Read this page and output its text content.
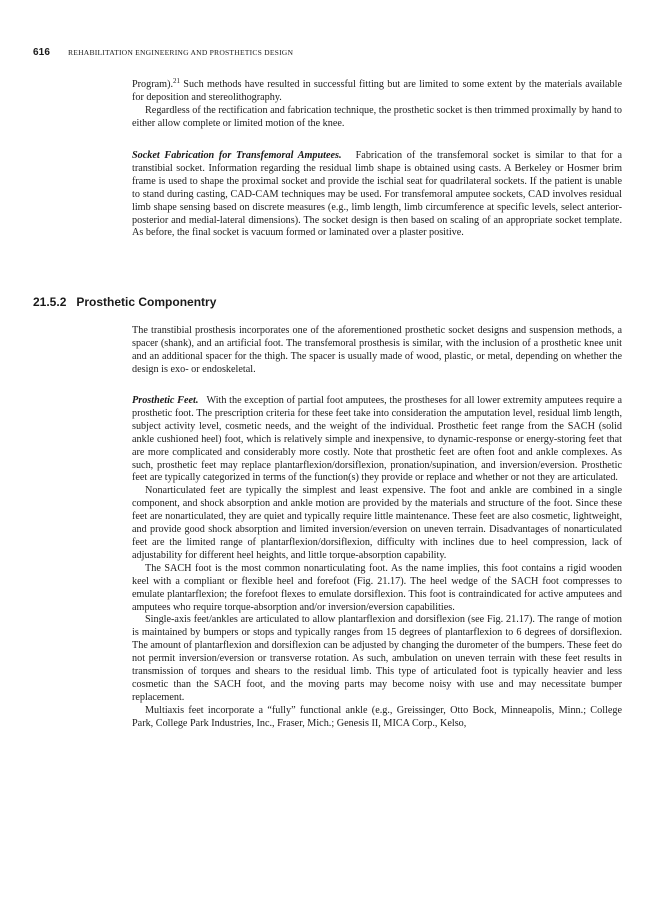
616 REHABILITATION ENGINEERING AND PROSTHETICS DESIGN

Program).$^{21}$ Such methods have resulted in successful fitting but are limited to some extent by the materials available for deposition and stereolithography.

Regardless of the rectification and fabrication technique, the prosthetic socket is then trimmed proximally by hand to either allow complete or limited motion of the knee.

Socket Fabrication for Transfemoral Amputees. Fabrication of the transfemoral socket is similar to that for a transtibial socket. Information regarding the residual limb shape is obtained using casts. A Berkeley or Hosmer brim frame is used to shape the proximal socket and provide the ischial seat for quadrilateral sockets. If the patient is unable to stand during casting, CAD-CAM techniques may be used. For transfemoral amputee sockets, CAD involves residual limb shape sensing based on discrete measures (e.g., limb length, limb circumference at specific levels, select anterior-posterior and medial-lateral dimensions). The socket design is then based on scaling of an appropriate socket template. As before, the final socket is vacuum formed or laminated over a plaster positive.

21.5.2 Prosthetic Componentry

The transtibial prosthesis incorporates one of the aforementioned prosthetic socket designs and suspension methods, a spacer (shank), and an artificial foot. The transfemoral prosthesis is similar, with the inclusion of a prosthetic knee unit and an additional spacer for the thigh. The spacer is usually made of wood, plastic, or metal, depending on whether the design is exo- or endoskeletal.

Prosthetic Feet. With the exception of partial foot amputees, the prostheses for all lower extremity amputees require a prosthetic foot. The prescription criteria for these feet take into consideration the amputation level, residual limb length, subject activity level, cosmetic needs, and the weight of the individual. Prosthetic feet range from the SACH (solid ankle cushioned heel) foot, which is relatively simple and inexpensive, to dynamic-response or energy-storing feet that are more complicated and considerably more costly. Note that prosthetic feet are often foot and ankle complexes. As such, prosthetic feet may replace plantarflexion/dorsiflexion, pronation/supination, and inversion/eversion. Prosthetic feet are typically categorized in terms of the function(s) they provide or replace and whether or not they are articulated.

Nonarticulated feet are typically the simplest and least expensive. The foot and ankle are combined in a single component, and shock absorption and ankle motion are provided by the materials and structure of the foot. Since these feet are nonarticulated, they are quiet and typically require little maintenance. These feet are also cosmetic, lightweight, and provide good shock absorption and limited inversion/eversion on uneven terrain. Disadvantages of nonarticulated feet are the limited range of plantarflexion/dorsiflexion, difficulty with inclines due to heel compression, lack of adjustability for different heel heights, and little torque-absorption capability.

The SACH foot is the most common nonarticulating foot. As the name implies, this foot contains a rigid wooden keel with a compliant or flexible heel and forefoot (Fig. 21.17). The heel wedge of the SACH foot compresses to emulate plantarflexion; the forefoot flexes to emulate dorsiflexion. This foot is contraindicated for active amputees and amputees who require torque-absorption and/or inversion/eversion capabilities.

Single-axis feet/ankles are articulated to allow plantarflexion and dorsiflexion (see Fig. 21.17). The range of motion is maintained by bumpers or stops and typically ranges from 15 degrees of plantarflexion to 6 degrees of dorsiflexion. The amount of plantarflexion and dorsiflexion can be adjusted by changing the durometer of the bumpers. These feet do not permit inversion/eversion or transverse rotation. As such, ambulation on uneven terrain with these feet results in transmission of torques and shears to the residual limb. This type of articulated foot is typically heavier and less cosmetic than the SACH foot, and the moving parts may become noisy with use and may necessitate bumper replacement.

Multiaxis feet incorporate a “fully” functional ankle (e.g., Greissinger, Otto Bock, Minneapolis, Minn.; College Park, College Park Industries, Inc., Fraser, Mich.; Genesis II, MICA Corp., Kelso,
